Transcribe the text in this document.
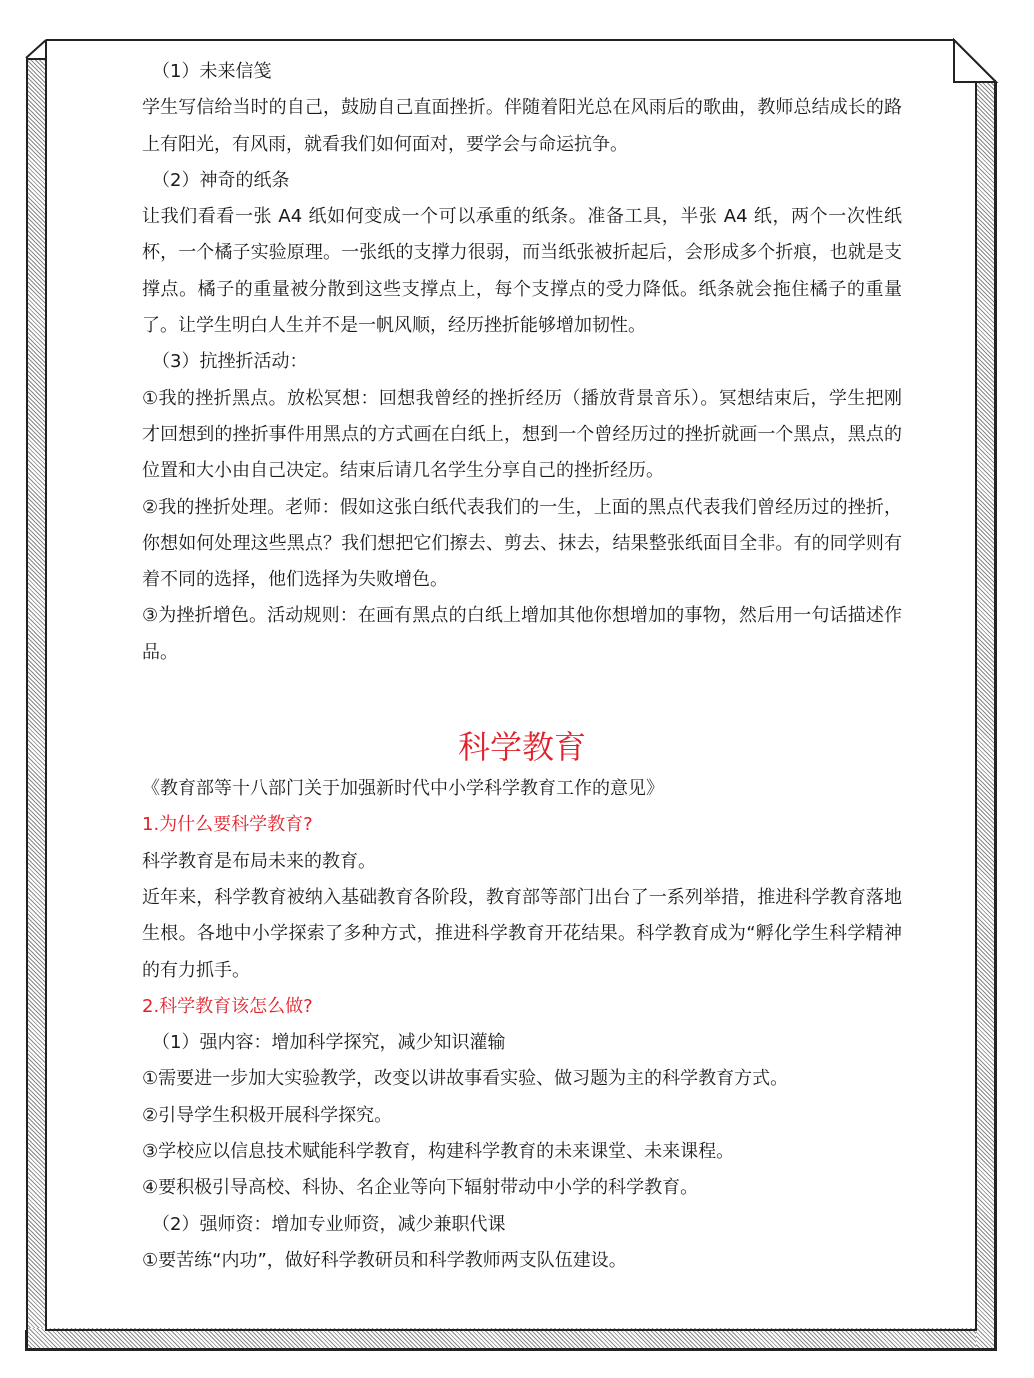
（1）未来信笺

学生写信给当时的自己，鼓励自己直面挫折。伴随着阳光总在风雨后的歌曲，教师总结成长的路上有阳光，有风雨，就看我们如何面对，要学会与命运抗争。

（2）神奇的纸条

让我们看看一张 A4 纸如何变成一个可以承重的纸条。准备工具，半张 A4 纸，两个一次性纸杯，一个橘子实验原理。一张纸的支撑力很弱，而当纸张被折起后，会形成多个折痕，也就是支撑点。橘子的重量被分散到这些支撑点上，每个支撑点的受力降低。纸条就会拖住橘子的重量了。让学生明白人生并不是一帆风顺，经历挫折能够增加韧性。

（3）抗挫折活动：

①我的挫折黑点。放松冥想：回想我曾经的挫折经历（播放背景音乐）。冥想结束后，学生把刚才回想到的挫折事件用黑点的方式画在白纸上，想到一个曾经历过的挫折就画一个黑点，黑点的位置和大小由自己决定。结束后请几名学生分享自己的挫折经历。

②我的挫折处理。老师：假如这张白纸代表我们的一生，上面的黑点代表我们曾经历过的挫折，你想如何处理这些黑点？我们想把它们擦去、剪去、抹去，结果整张纸面目全非。有的同学则有着不同的选择，他们选择为失败增色。

③为挫折增色。活动规则：在画有黑点的白纸上增加其他你想增加的事物，然后用一句话描述作品。

科学教育

《教育部等十八部门关于加强新时代中小学科学教育工作的意见》

1.为什么要科学教育?

科学教育是布局未来的教育。

近年来，科学教育被纳入基础教育各阶段，教育部等部门出台了一系列举措，推进科学教育落地生根。各地中小学探索了多种方式，推进科学教育开花结果。科学教育成为“孵化学生科学精神的有力抓手。

2.科学教育该怎么做?

（1）强内容：增加科学探究，减少知识灌输

①需要进一步加大实验教学，改变以讲故事看实验、做习题为主的科学教育方式。

②引导学生积极开展科学探究。

③学校应以信息技术赋能科学教育，构建科学教育的未来课堂、未来课程。

④要积极引导高校、科协、名企业等向下辐射带动中小学的科学教育。

（2）强师资：增加专业师资，减少兼职代课

①要苦练“内功”，做好科学教研员和科学教师两支队伍建设。
